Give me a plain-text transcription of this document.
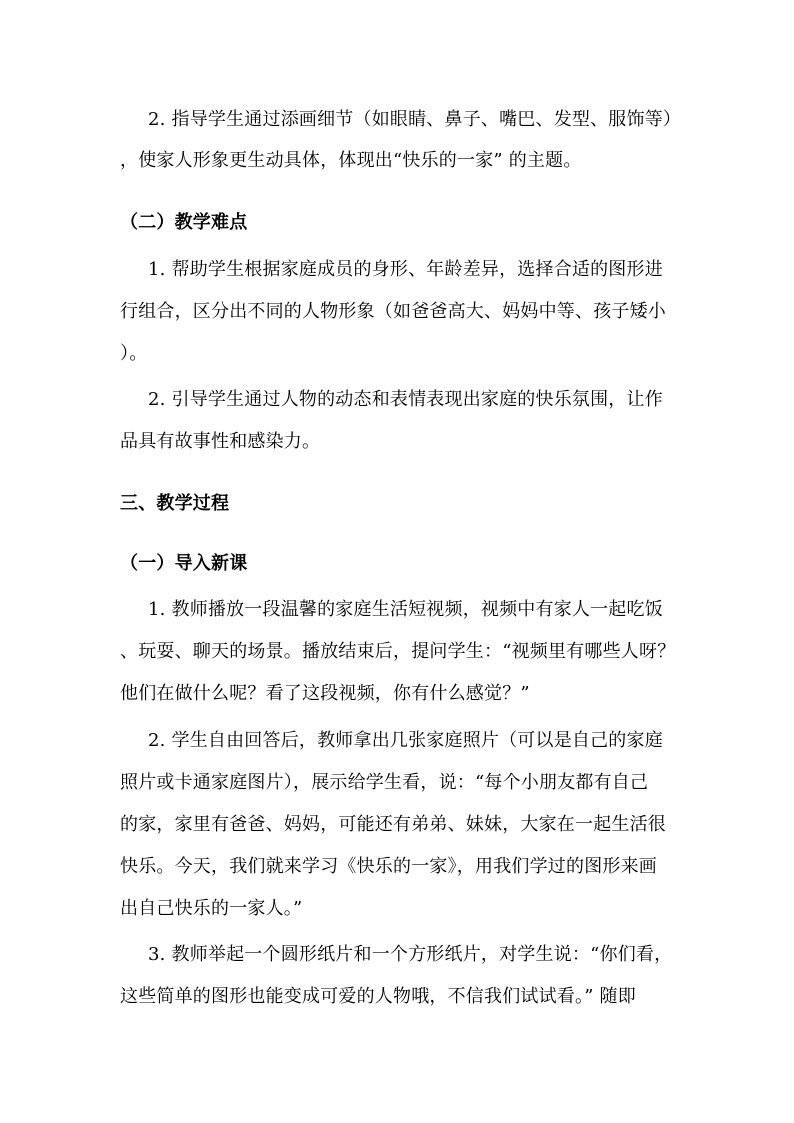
2. 指导学生通过添画细节（如眼睛、鼻子、嘴巴、发型、服饰等）
，使家人形象更生动具体，体现出“快乐的一家” 的主题。
（二）教学难点
1. 帮助学生根据家庭成员的身形、年龄差异，选择合适的图形进
行组合，区分出不同的人物形象（如爸爸高大、妈妈中等、孩子矮小
）。
2. 引导学生通过人物的动态和表情表现出家庭的快乐氛围，让作
品具有故事性和感染力。
三、教学过程
（一）导入新课
1. 教师播放一段温馨的家庭生活短视频，视频中有家人一起吃饭
、玩耍、聊天的场景。播放结束后，提问学生：“视频里有哪些人呀？
他们在做什么呢？看了这段视频，你有什么感觉？”
2. 学生自由回答后，教师拿出几张家庭照片（可以是自己的家庭
照片或卡通家庭图片），展示给学生看，说：“每个小朋友都有自己
的家，家里有爸爸、妈妈，可能还有弟弟、妹妹，大家在一起生活很
快乐。今天，我们就来学习《快乐的一家》，用我们学过的图形来画
出自己快乐的一家人。”
3. 教师举起一个圆形纸片和一个方形纸片，对学生说：“你们看，
这些简单的图形也能变成可爱的人物哦，不信我们试试看。” 随即
